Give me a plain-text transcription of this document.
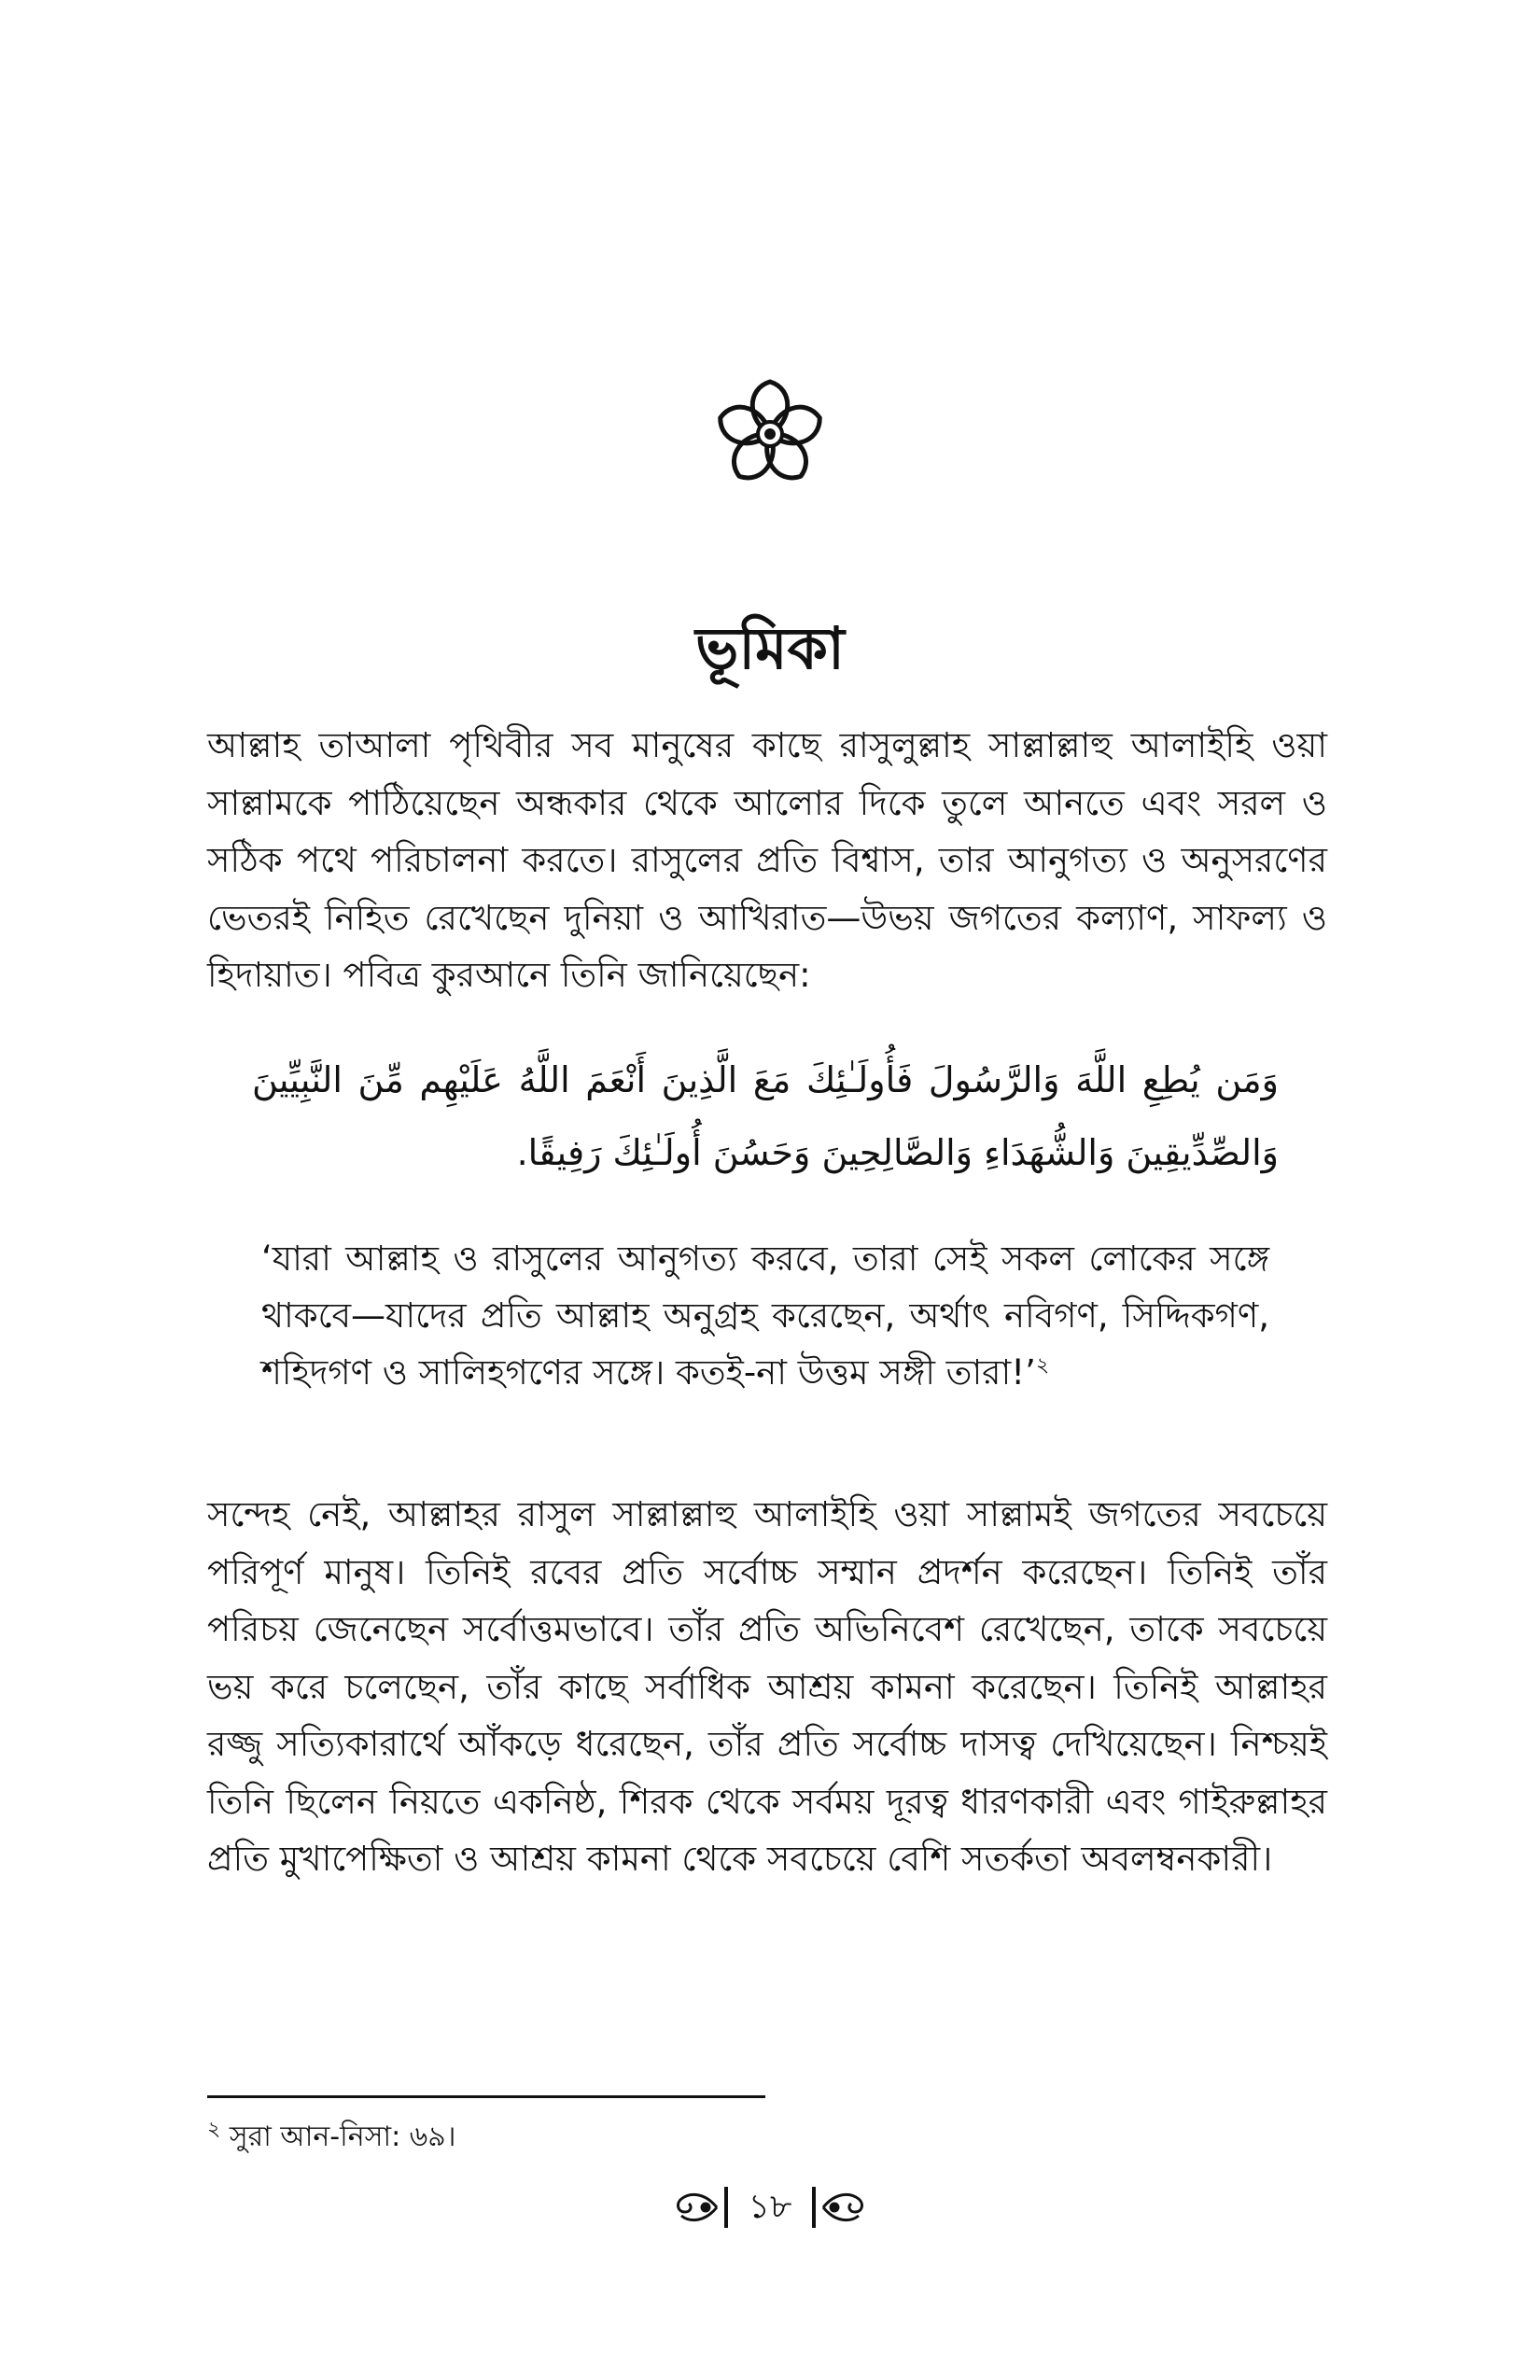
ভূমিকা

আল্লাহ তাআলা পৃথিবীর সব মানুষের কাছে রাসুলুল্লাহ সাল্লাল্লাহু আলাইহি ওয়া সাল্লামকে পাঠিয়েছেন অন্ধকার থেকে আলোর দিকে তুলে আনতে এবং সরল ও সঠিক পথে পরিচালনা করতে। রাসুলের প্রতি বিশ্বাস, তার আনুগত্য ও অনুসরণের ভেতরই নিহিত রেখেছেন দুনিয়া ও আখিরাত—উভয় জগতের কল্যাণ, সাফল্য ও হিদায়াত। পবিত্র কুরআনে তিনি জানিয়েছেন:

وَمَن يُطِعِ اللَّهَ وَالرَّسُولَ فَأُولَـٰئِكَ مَعَ الَّذِينَ أَنْعَمَ اللَّهُ عَلَيْهِم مِّنَ النَّبِيِّينَ وَالصِّدِّيقِينَ وَالشُّهَدَاءِ وَالصَّالِحِينَ وَحَسُنَ أُولَـٰئِكَ رَفِيقًا.

‘যারা আল্লাহ ও রাসুলের আনুগত্য করবে, তারা সেই সকল লোকের সঙ্গে থাকবে—যাদের প্রতি আল্লাহ অনুগ্রহ করেছেন, অর্থাৎ নবিগণ, সিদ্দিকগণ, শহিদগণ ও সালিহগণের সঙ্গে। কতই-না উত্তম সঙ্গী তারা!’$^২$

সন্দেহ নেই, আল্লাহর রাসুল সাল্লাল্লাহু আলাইহি ওয়া সাল্লামই জগতের সবচেয়ে পরিপূর্ণ মানুষ। তিনিই রবের প্রতি সর্বোচ্চ সম্মান প্রদর্শন করেছেন। তিনিই তাঁর পরিচয় জেনেছেন সর্বোত্তমভাবে। তাঁর প্রতি অভিনিবেশ রেখেছেন, তাকে সবচেয়ে ভয় করে চলেছেন, তাঁর কাছে সর্বাধিক আশ্রয় কামনা করেছেন। তিনিই আল্লাহর রজ্জু সত্যিকারার্থে আঁকড়ে ধরেছেন, তাঁর প্রতি সর্বোচ্চ দাসত্ব দেখিয়েছেন। নিশ্চয়ই তিনি ছিলেন নিয়তে একনিষ্ঠ, শিরক থেকে সর্বময় দূরত্ব ধারণকারী এবং গাইরুল্লাহর প্রতি মুখাপেক্ষিতা ও আশ্রয় কামনা থেকে সবচেয়ে বেশি সতর্কতা অবলম্বনকারী।

$^২$ সুরা আন-নিসা: ৬৯।

১৮
